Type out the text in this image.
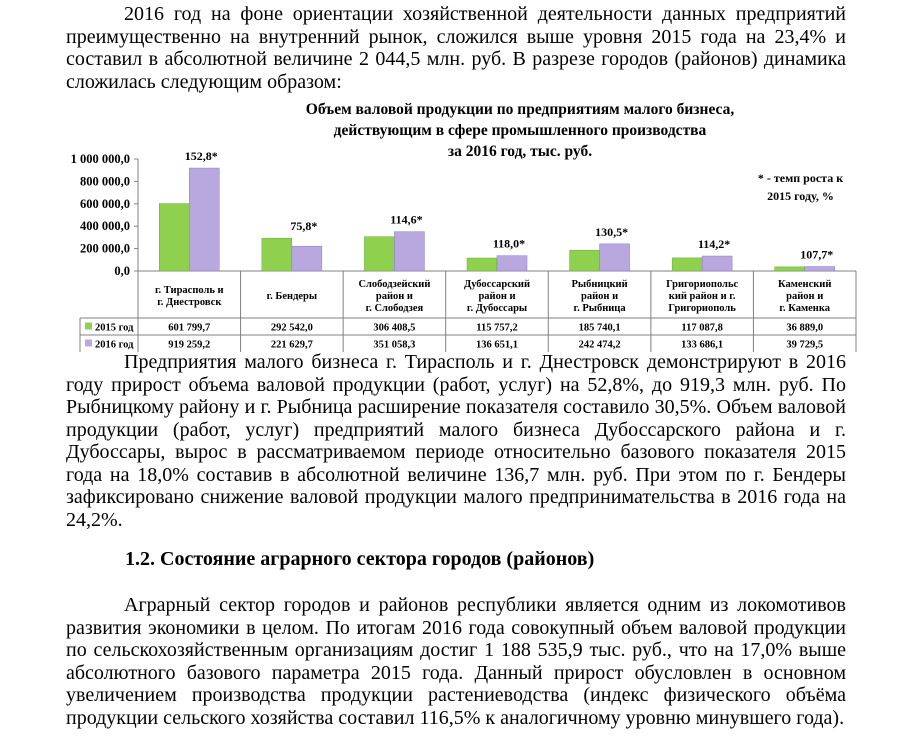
2016 год на фоне ориентации хозяйственной деятельности данных предприятий преимущественно на внутренний рынок, сложился выше уровня 2015 года на 23,4% и составил в абсолютной величине 2 044,5 млн. руб. В разрезе городов (районов) динамика сложилась следующим образом:

Объем валовой продукции по предприятиям малого бизнеса,
действующим в сфере промышленного производства
за 2016 год, тыс. руб.
* - темп роста к
2015 году, %
0,0
200 000,0
400 000,0
600 000,0
800 000,0
1 000 000,0
2015 год
2016 год
152,8*
г. Тирасполь и
г. Днестровск
601 799,7
919 259,2
75,8*
г. Бендеры
292 542,0
221 629,7
114,6*
Слободзейский
район и
г. Слободзея
306 408,5
351 058,3
118,0*
Дубоссарский
район и
г. Дубоссары
115 757,2
136 651,1
130,5*
Рыбницкий
район и
г. Рыбница
185 740,1
242 474,2
114,2*
Григориопольс
кий район и г.
Григориополь
117 087,8
133 686,1
107,7*
Каменский
район и
г. Каменка
36 889,0
39 729,5

Предприятия малого бизнеса г. Тирасполь и г. Днестровск демонстрируют в 2016 году прирост объема валовой продукции (работ, услуг) на 52,8%, до 919,3 млн. руб. По Рыбницкому району и г. Рыбница расширение показателя составило 30,5%. Объем валовой продукции (работ, услуг) предприятий малого бизнеса Дубоссарского района и г. Дубоссары, вырос в рассматриваемом периоде относительно базового показателя 2015 года на 18,0% составив в абсолютной величине 136,7 млн. руб. При этом по г. Бендеры зафиксировано снижение валовой продукции малого предпринимательства в 2016 года на 24,2%.

1.2. Состояние аграрного сектора городов (районов)

Аграрный сектор городов и районов республики является одним из локомотивов развития экономики в целом. По итогам 2016 года совокупный объем валовой продукции по сельскохозяйственным организациям достиг 1 188 535,9 тыс. руб., что на 17,0% выше абсолютного базового параметра 2015 года. Данный прирост обусловлен в основном увеличением производства продукции растениеводства (индекс физического объёма продукции сельского хозяйства составил 116,5% к аналогичному уровню минувшего года).
